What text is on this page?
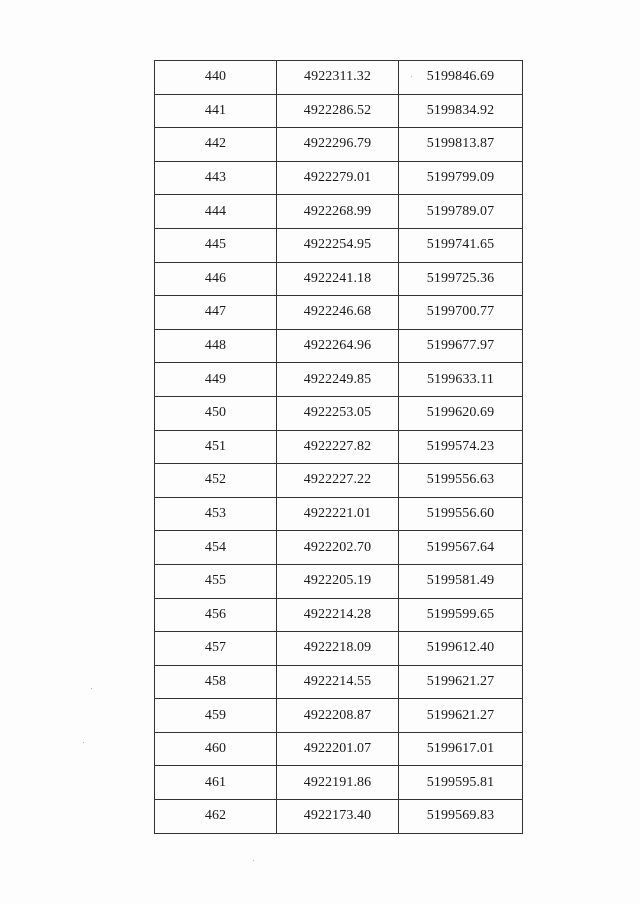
440	4922311.32	5199846.69
441	4922286.52	5199834.92
442	4922296.79	5199813.87
443	4922279.01	5199799.09
444	4922268.99	5199789.07
445	4922254.95	5199741.65
446	4922241.18	5199725.36
447	4922246.68	5199700.77
448	4922264.96	5199677.97
449	4922249.85	5199633.11
450	4922253.05	5199620.69
451	4922227.82	5199574.23
452	4922227.22	5199556.63
453	4922221.01	5199556.60
454	4922202.70	5199567.64
455	4922205.19	5199581.49
456	4922214.28	5199599.65
457	4922218.09	5199612.40
458	4922214.55	5199621.27
459	4922208.87	5199621.27
460	4922201.07	5199617.01
461	4922191.86	5199595.81
462	4922173.40	5199569.83
